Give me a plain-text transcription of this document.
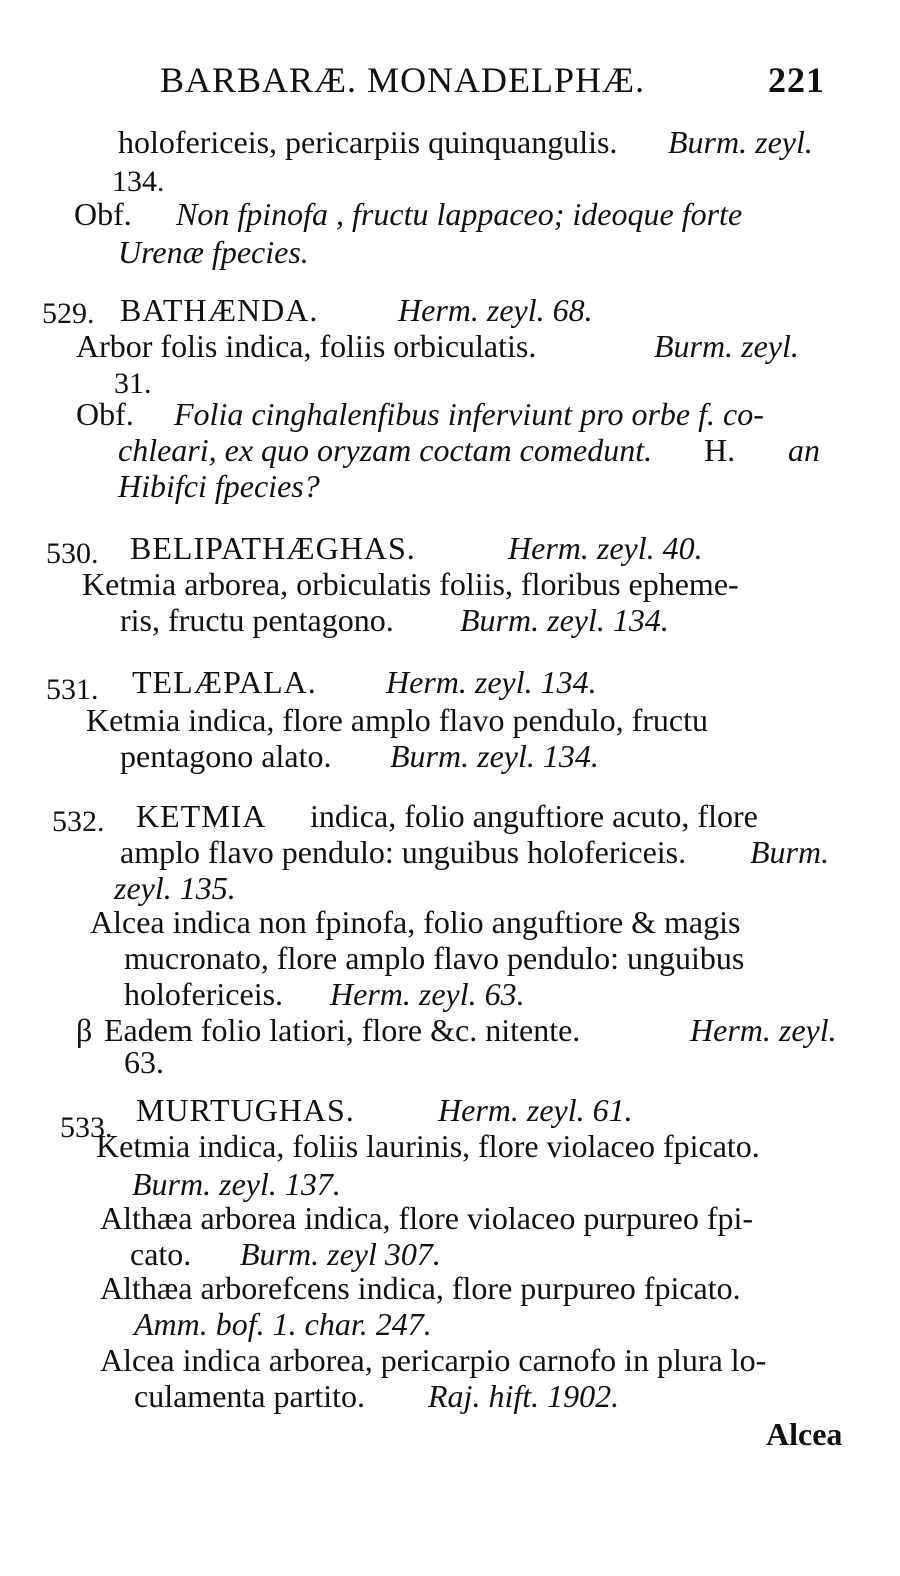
BARBARÆ. MONADELPHÆ.	221
holofericeis, pericarpiis quinquangulis. Burm. zeyl.
134.
Obf. Non fpinofa , fructu lappaceo; ideoque forte
Urenæ fpecies.
529. BATHÆNDA. Herm. zeyl. 68.
Arbor folis indica, foliis orbiculatis.	Burm. zeyl.
31.
Obf. Folia cinghalenfibus inferviunt pro orbe f. co-
chleari, ex quo oryzam coctam comedunt. H. an
Hibifci fpecies?
530. BELIPATHÆGHAS.	Herm. zeyl. 40.
Ketmia arborea, orbiculatis foliis, floribus epheme-
ris, fructu pentagono. Burm. zeyl. 134.
531. TELÆPALA. Herm. zeyl. 134.
Ketmia indica, flore amplo flavo pendulo, fructu
pentagono alato. Burm. zeyl. 134.
532. KETMIA indica, folio anguftiore acuto, flore
amplo flavo pendulo: unguibus holofericeis. Burm.
zeyl. 135.
Alcea indica non fpinofa, folio anguftiore & magis
mucronato, flore amplo flavo pendulo: unguibus
holofericeis. Herm. zeyl. 63.
β Eadem folio latiori, flore &c. nitente.	Herm. zeyl.
63.
533. MURTUGHAS.	Herm. zeyl. 61.
Ketmia indica, foliis laurinis, flore violaceo fpicato.
Burm. zeyl. 137.
Althæa arborea indica, flore violaceo purpureo fpi-
cato. Burm. zeyl 307.
Althæa arborefcens indica, flore purpureo fpicato.
Amm. bof. 1. char. 247.
Alcea indica arborea, pericarpio carnofo in plura lo-
culamenta partito. Raj. hift. 1902.
Alcea
